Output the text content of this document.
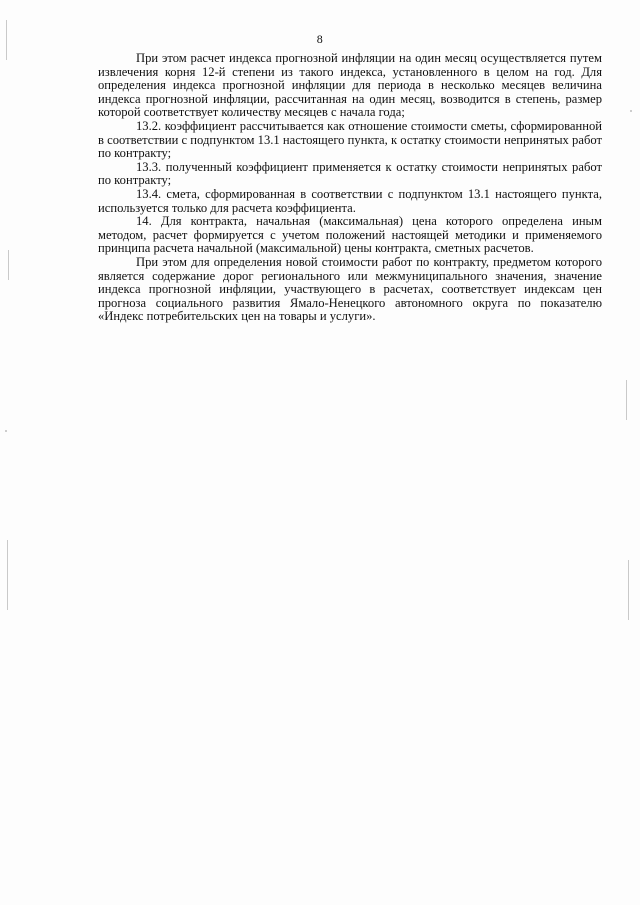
8

При этом расчет индекса прогнозной инфляции на один месяц осуществляется путем извлечения корня 12-й степени из такого индекса, установленного в целом на год. Для определения индекса прогнозной инфляции для периода в несколько месяцев величина индекса прогнозной инфляции, рассчитанная на один месяц, возводится в степень, размер которой соответствует количеству месяцев с начала года;

13.2. коэффициент рассчитывается как отношение стоимости сметы, сформированной в соответствии с подпунктом 13.1 настоящего пункта, к остатку стоимости непринятых работ по контракту;

13.3. полученный коэффициент применяется к остатку стоимости непринятых работ по контракту;

13.4. смета, сформированная в соответствии с подпунктом 13.1 настоящего пункта, используется только для расчета коэффициента.

14. Для контракта, начальная (максимальная) цена которого определена иным методом, расчет формируется с учетом положений настоящей методики и применяемого принципа расчета начальной (максимальной) цены контракта, сметных расчетов.

При этом для определения новой стоимости работ по контракту, предметом которого является содержание дорог регионального или межмуниципального значения, значение индекса прогнозной инфляции, участвующего в расчетах, соответствует индексам цен прогноза социального развития Ямало-Ненецкого автономного округа по показателю «Индекс потребительских цен на товары и услуги».
